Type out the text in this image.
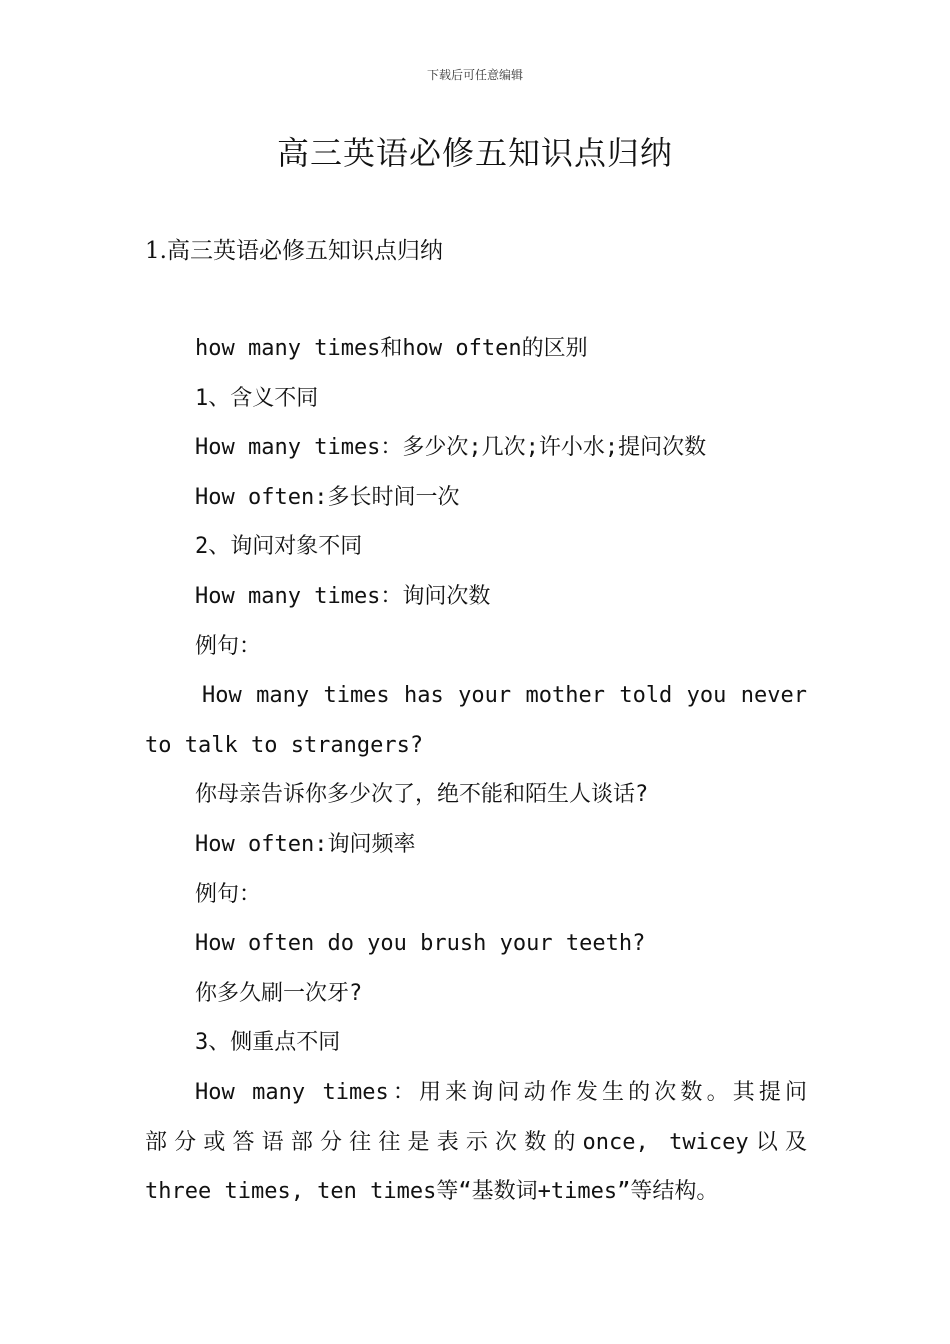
下载后可任意编辑
高三英语必修五知识点归纳
1.高三英语必修五知识点归纳
how many times和how often的区别
1、含义不同
How many times：多少次;几次;许小水;提问次数
How often:多长时间一次
2、询问对象不同
How many times：询问次数
例句：
How many times has your mother told you never
to talk to strangers?
你母亲告诉你多少次了，绝不能和陌生人谈话?
How often:询问频率
例句：
How often do you brush your teeth?
你多久刷一次牙?
3、侧重点不同
How many times：用来询问动作发生的次数。其提问
部分或答语部分往往是表示次数的once, twicey以及
three times, ten times等“基数词+times”等结构。
